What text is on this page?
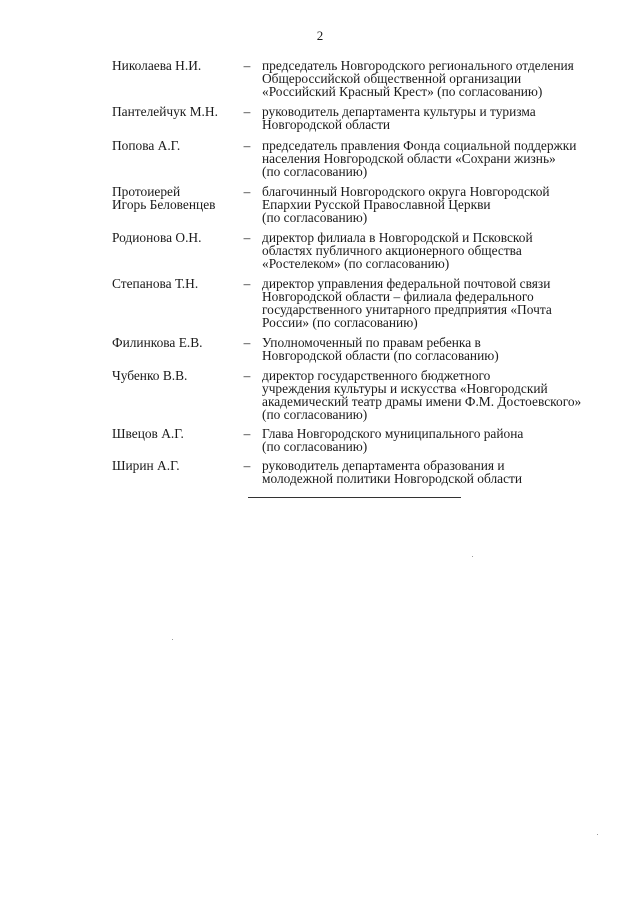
2
Николаева Н.И.	– председатель Новгородского регионального отделения
Общероссийской общественной организации
«Российский Красный Крест» (по согласованию)
Пантелейчук М.Н.	– руководитель департамента культуры и туризма
Новгородской области
Попова А.Г.	– председатель правления Фонда социальной поддержки
населения Новгородской области «Сохрани жизнь»
(по согласованию)
Протоиерей
Игорь Беловенцев
– благочинный Новгородского округа Новгородской
Епархии Русской Православной Церкви
(по согласованию)
Родионова О.Н.	– директор филиала в Новгородской и Псковской
областях публичного акционерного общества
«Ростелеком» (по согласованию)
Степанова Т.Н.	– директор управления федеральной почтовой связи
Новгородской области – филиала федерального
государственного унитарного предприятия «Почта
России» (по согласованию)
Филинкова Е.В.	– Уполномоченный по правам ребенка в
Новгородской области (по согласованию)
Чубенко В.В.	– директор государственного бюджетного
учреждения культуры и искусства «Новгородский
академический театр драмы имени Ф.М. Достоевского»
(по согласованию)
Швецов А.Г.	– Глава Новгородского муниципального района
(по согласованию)
Ширин А.Г.	– руководитель департамента образования и
молодежной политики Новгородской области
